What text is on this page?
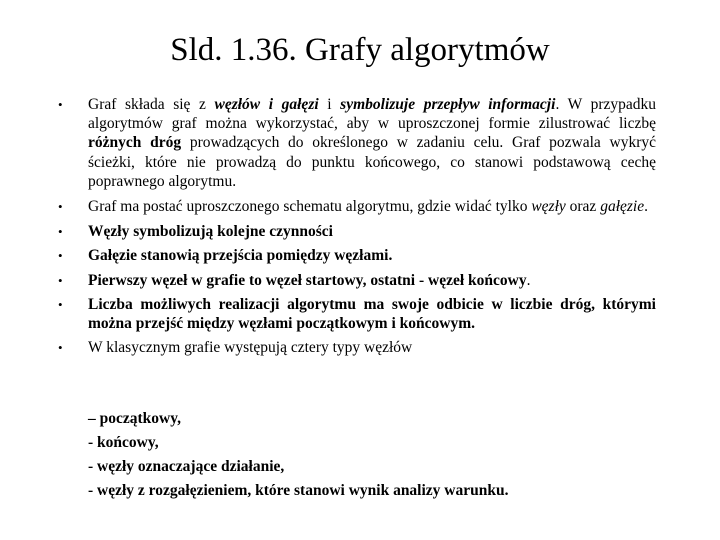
Sld. 1.36. Grafy algorytmów
•	Graf składa się z węzłów i gałęzi i symbolizuje przepływ informacji. W przypadku algorytmów graf można wykorzystać, aby w uproszczonej formie zilustrować liczbę różnych dróg prowadzących do określonego w zadaniu celu. Graf pozwala wykryć ścieżki, które nie prowadzą do punktu końcowego, co stanowi podstawową cechę poprawnego algorytmu.
•	Graf ma postać uproszczonego schematu algorytmu, gdzie widać tylko węzły oraz gałęzie.
•	Węzły symbolizują kolejne czynności
•	Gałęzie stanowią przejścia pomiędzy węzłami.
•	Pierwszy węzeł w grafie to węzeł startowy, ostatni - węzeł końcowy.
•	Liczba możliwych realizacji algorytmu ma swoje odbicie w liczbie dróg, którymi można przejść między węzłami początkowym i końcowym.
•	W klasycznym grafie występują cztery typy węzłów
– początkowy,
- końcowy,
- węzły oznaczające działanie,
- węzły z rozgałęzieniem, które stanowi wynik analizy warunku.
